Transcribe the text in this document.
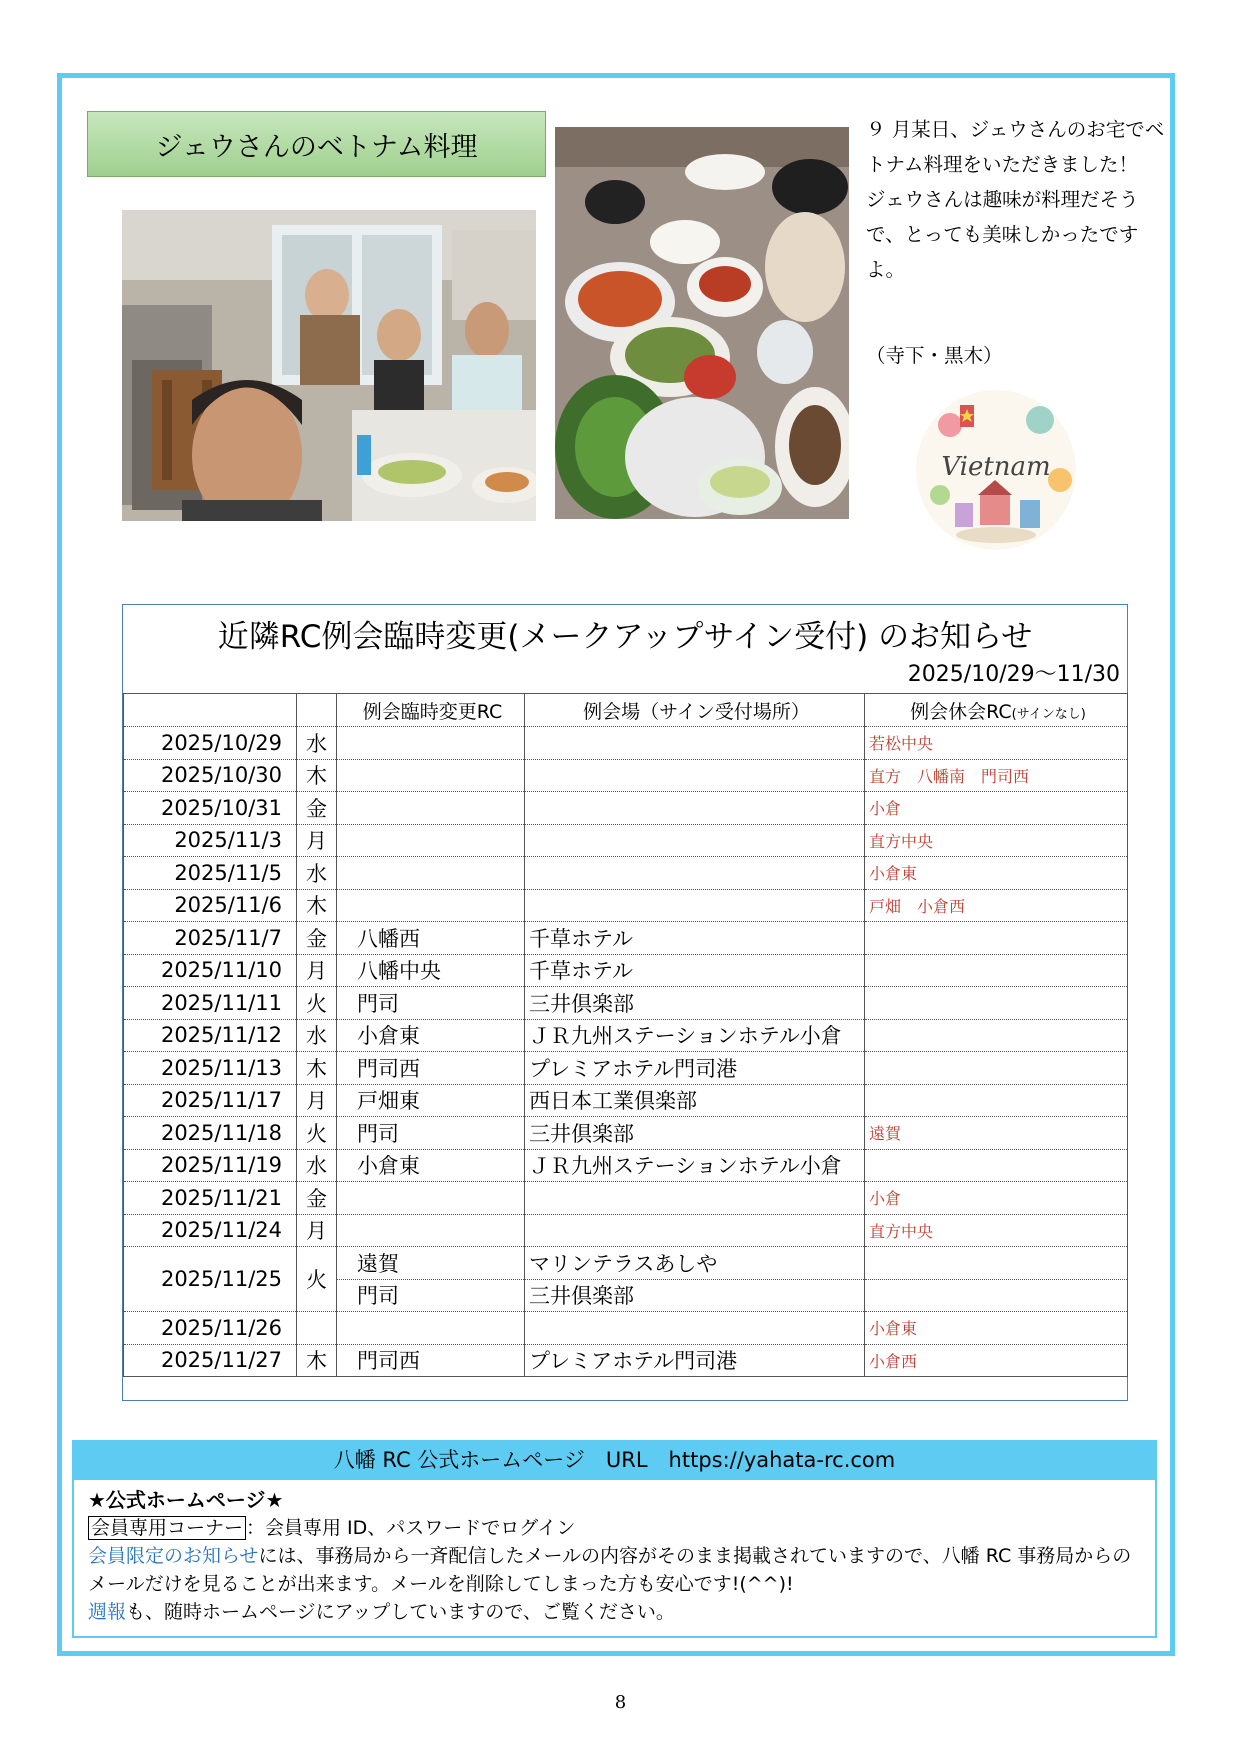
ジェウさんのベトナム料理
９ 月某日、ジェウさんのお宅でベトナム料理をいただきました！
ジェウさんは趣味が料理だそうで、とっても美味しかったですよ。
（寺下・黒木）
Vietnam
近隣RC例会臨時変更(メークアップサイン受付) のお知らせ
2025/10/29～11/30
		例会臨時変更RC	例会場（サイン受付場所）	例会休会RC(サインなし)
2025/10/29	水			若松中央
2025/10/30	木			直方　八幡南　門司西
2025/10/31	金			小倉
2025/11/3	月			直方中央
2025/11/5	水			小倉東
2025/11/6	木			戸畑　小倉西
2025/11/7	金	八幡西	千草ホテル	
2025/11/10	月	八幡中央	千草ホテル	
2025/11/11	火	門司	三井倶楽部	
2025/11/12	水	小倉東	ＪＲ九州ステーションホテル小倉	
2025/11/13	木	門司西	プレミアホテル門司港	
2025/11/17	月	戸畑東	西日本工業倶楽部	
2025/11/18	火	門司	三井倶楽部	遠賀
2025/11/19	水	小倉東	ＪＲ九州ステーションホテル小倉	
2025/11/21	金			小倉
2025/11/24	月			直方中央
2025/11/25	火	遠賀	マリンテラスあしや	
		門司	三井倶楽部	
2025/11/26				小倉東
2025/11/27	木	門司西	プレミアホテル門司港	小倉西
八幡 RC 公式ホームページ　URL　https://yahata-rc.com
★公式ホームページ★
会員専用コーナー ：会員専用 ID、パスワードでログイン
会員限定のお知らせには、事務局から一斉配信したメールの内容がそのまま掲載されていますので、八幡 RC 事務局からのメールだけを見ることが出来ます。メールを削除してしまった方も安心です!(^^)!
週報も、随時ホームページにアップしていますので、ご覧ください。
8
